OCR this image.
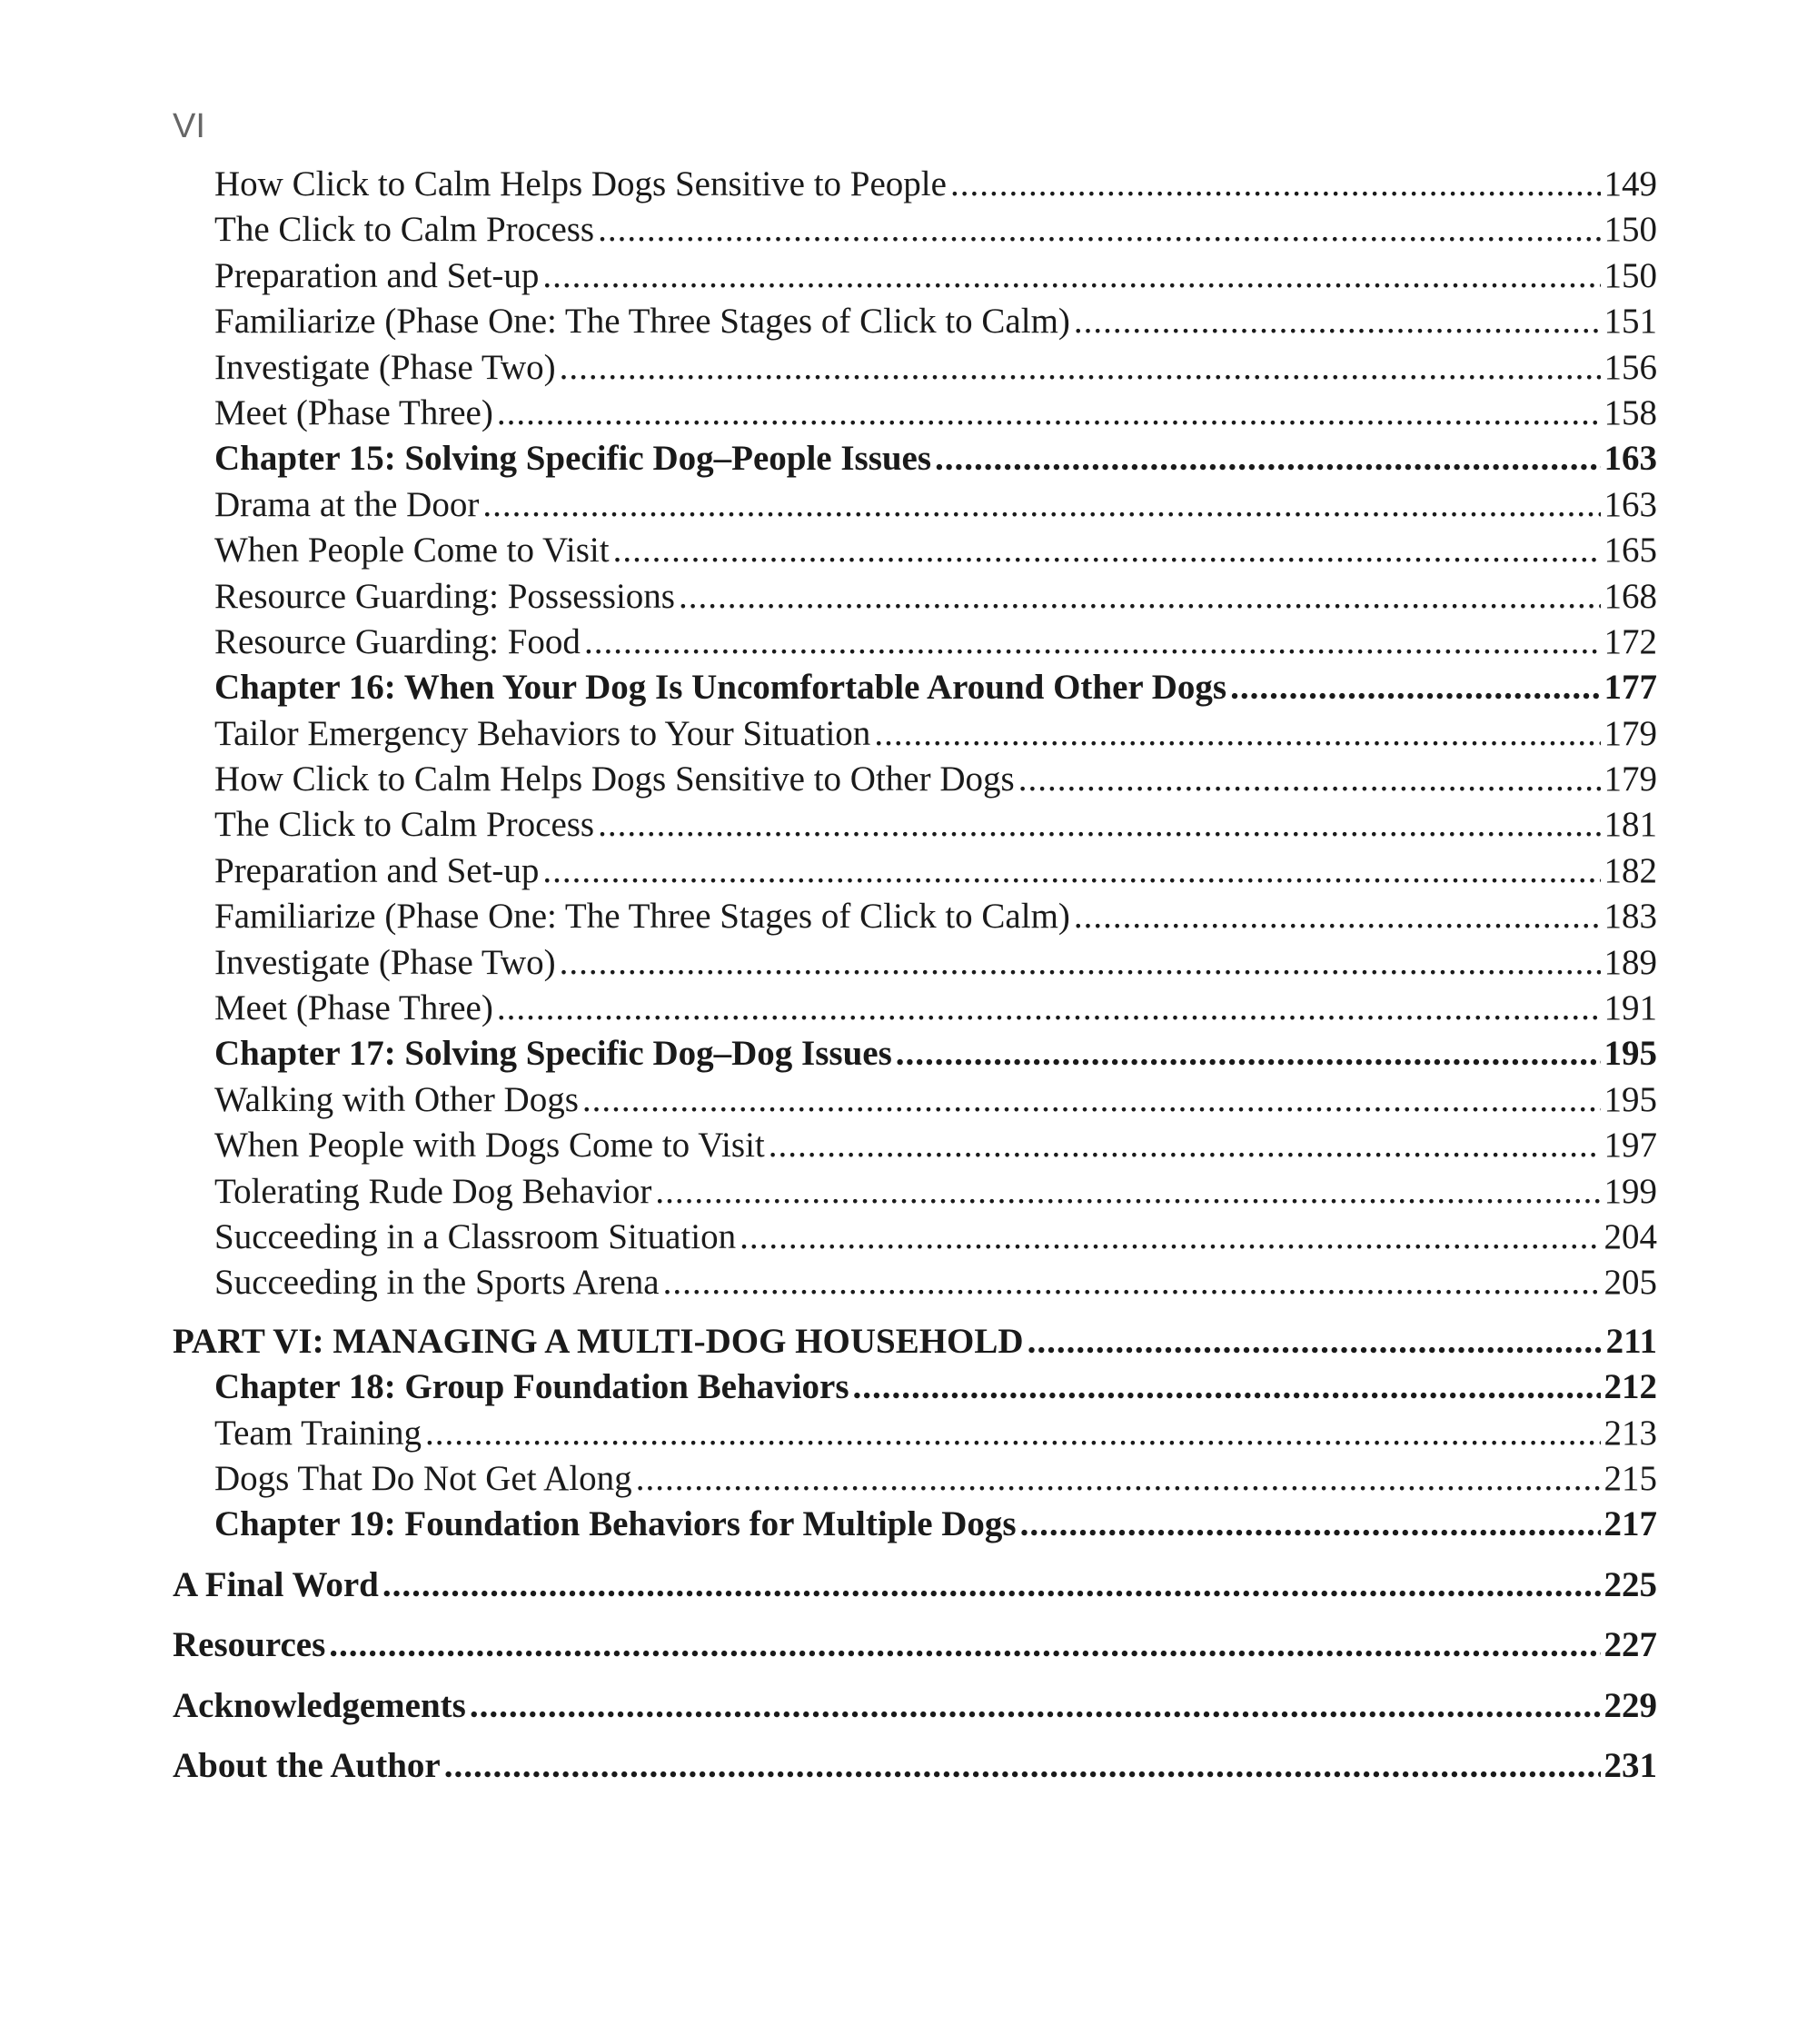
VI
How Click to Calm Helps Dogs Sensitive to People .....	149
The Click to Calm Process .....	150
Preparation and Set-up .....	150
Familiarize (Phase One: The Three Stages of Click to Calm) .....	151
Investigate (Phase Two) .....	156
Meet (Phase Three) .....	158
Chapter 15: Solving Specific Dog–People Issues .....	163
Drama at the Door .....	163
When People Come to Visit .....	165
Resource Guarding: Possessions .....	168
Resource Guarding: Food .....	172
Chapter 16: When Your Dog Is Uncomfortable Around Other Dogs .....	177
Tailor Emergency Behaviors to Your Situation .....	179
How Click to Calm Helps Dogs Sensitive to Other Dogs .....	179
The Click to Calm Process .....	181
Preparation and Set-up .....	182
Familiarize (Phase One: The Three Stages of Click to Calm) .....	183
Investigate (Phase Two) .....	189
Meet (Phase Three) .....	191
Chapter 17: Solving Specific Dog–Dog Issues .....	195
Walking with Other Dogs .....	195
When People with Dogs Come to Visit .....	197
Tolerating Rude Dog Behavior .....	199
Succeeding in a Classroom Situation .....	204
Succeeding in the Sports Arena .....	205
PART VI: MANAGING A MULTI-DOG HOUSEHOLD .....	211
Chapter 18: Group Foundation Behaviors .....	212
Team Training .....	213
Dogs That Do Not Get Along .....	215
Chapter 19: Foundation Behaviors for Multiple Dogs .....	217
A Final Word .....	225
Resources .....	227
Acknowledgements .....	229
About the Author .....	231
